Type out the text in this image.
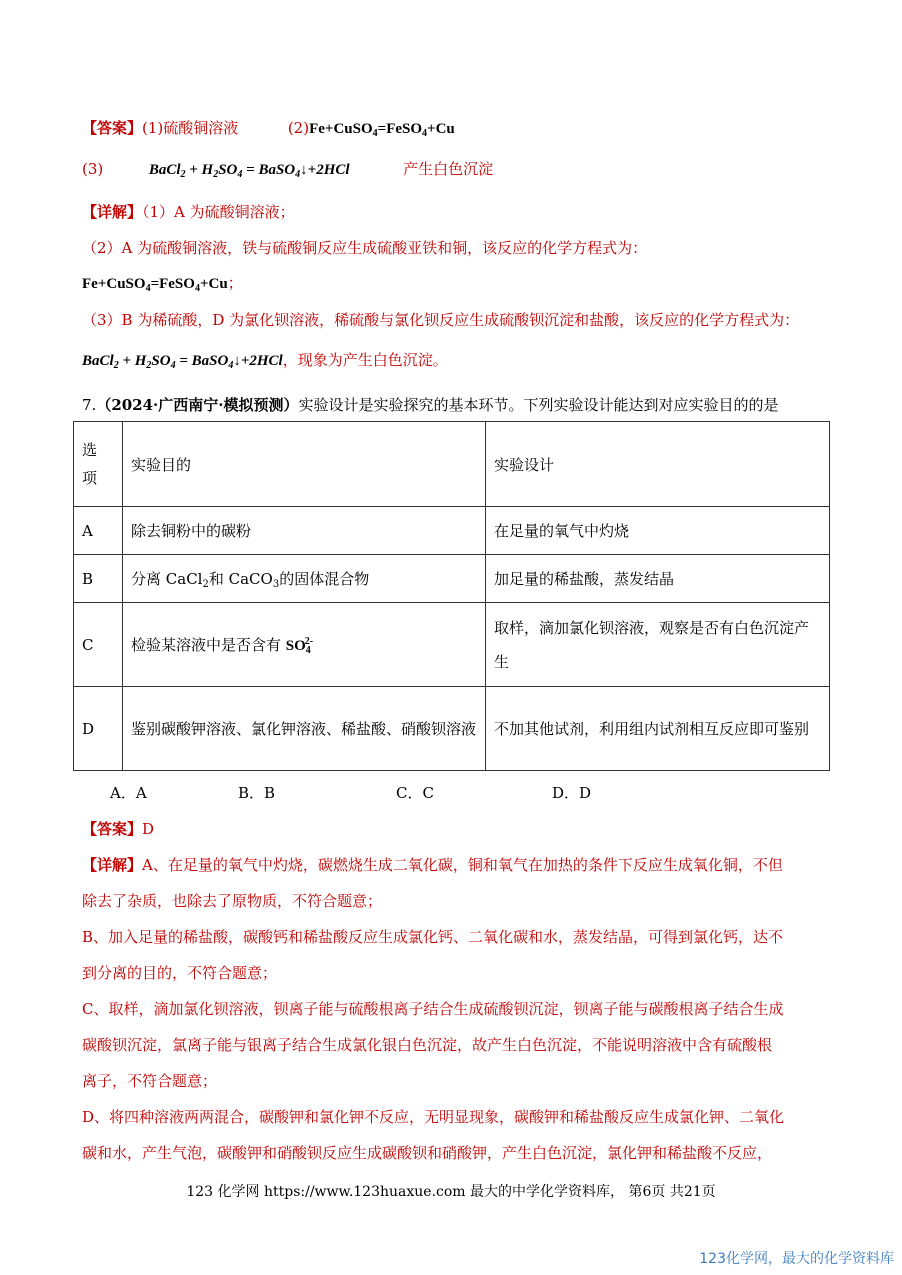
【答案】(1)硫酸铜溶液	(2)Fe+CuSO$_4$=FeSO$_4$+Cu
(3)	BaCl$_2$ + $H_2SO_4$ = BaSO$_4$↓+2HCl	产生白色沉淀
【详解】（1）A 为硫酸铜溶液；
（2）A 为硫酸铜溶液，铁与硫酸铜反应生成硫酸亚铁和铜，该反应的化学方程式为：
Fe+CuSO$_4$=FeSO$_4$+Cu；
（3）B 为稀硫酸，D 为氯化钡溶液，稀硫酸与氯化钡反应生成硫酸钡沉淀和盐酸，该反应的化学方程式为：
BaCl$_2$ + $H_2SO_4$ = BaSO$_4$↓+2HCl，现象为产生白色沉淀。
7.（2024·广西南宁·模拟预测）实验设计是实验探究的基本环节。下列实验设计能达到对应实验目的的是
选
项	实验目的	实验设计
A	除去铜粉中的碳粉	在足量的氧气中灼烧
B	分离 CaCl$_2$和 CaCO$_3$的固体混合物	加足量的稀盐酸，蒸发结晶
C	检验某溶液中是否含有 $SO_4^{2-}$	取样，滴加氯化钡溶液，观察是否有白色沉淀产生
D	鉴别碳酸钾溶液、氯化钾溶液、稀盐酸、硝酸钡溶液	不加其他试剂，利用组内试剂相互反应即可鉴别
A．A	B．B	C．C	D．D
【答案】D
【详解】A、在足量的氧气中灼烧，碳燃烧生成二氧化碳，铜和氧气在加热的条件下反应生成氧化铜，不但
除去了杂质，也除去了原物质，不符合题意；
B、加入足量的稀盐酸，碳酸钙和稀盐酸反应生成氯化钙、二氧化碳和水，蒸发结晶，可得到氯化钙，达不
到分离的目的，不符合题意；
C、取样，滴加氯化钡溶液，钡离子能与硫酸根离子结合生成硫酸钡沉淀，钡离子能与碳酸根离子结合生成
碳酸钡沉淀，氯离子能与银离子结合生成氯化银白色沉淀，故产生白色沉淀，不能说明溶液中含有硫酸根
离子，不符合题意；
D、将四种溶液两两混合，碳酸钾和氯化钾不反应，无明显现象，碳酸钾和稀盐酸反应生成氯化钾、二氧化
碳和水，产生气泡，碳酸钾和硝酸钡反应生成碳酸钡和硝酸钾，产生白色沉淀，氯化钾和稀盐酸不反应，
123 化学网 https://www.123huaxue.com 最大的中学化学资料库， 第6页 共21页
123化学网，最大的化学资料库
